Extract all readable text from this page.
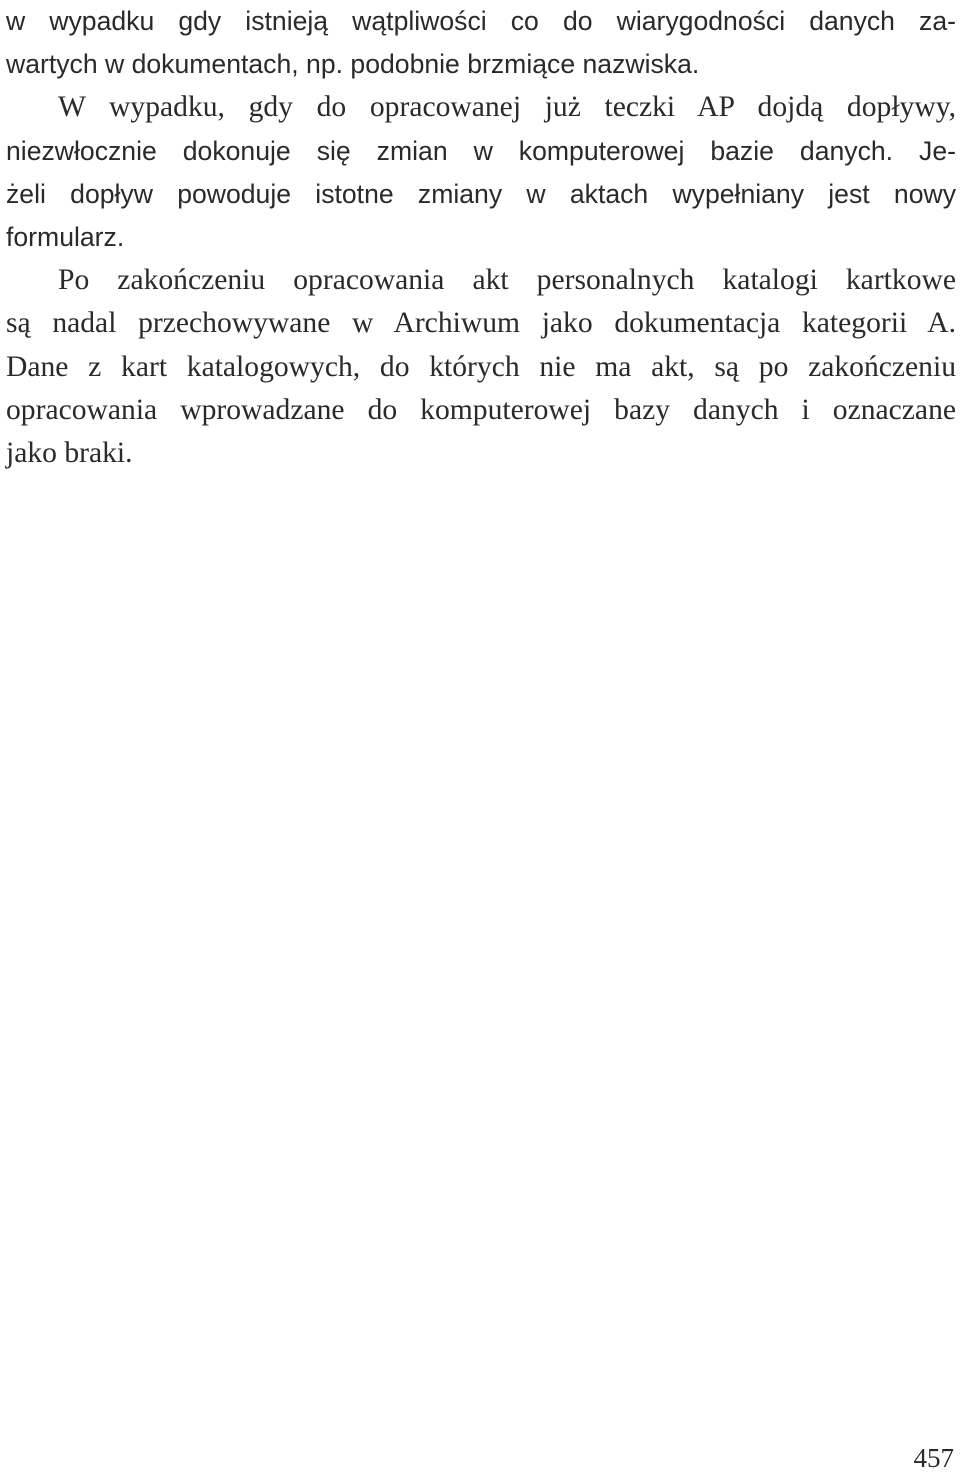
w wypadku gdy istnieją wątpliwości co do wiarygodności danych za-
wartych w dokumentach, np. podobnie brzmiące nazwiska.
W wypadku, gdy do opracowanej już teczki AP dojdą dopływy,
niezwłocznie dokonuje się zmian w komputerowej bazie danych. Je-
żeli dopływ powoduje istotne zmiany w aktach wypełniany jest nowy
formularz.
Po zakończeniu opracowania akt personalnych katalogi kartkowe
są nadal przechowywane w Archiwum jako dokumentacja kategorii A.
Dane z kart katalogowych, do których nie ma akt, są po zakończeniu
opracowania wprowadzane do komputerowej bazy danych i oznaczane
jako braki.
457
